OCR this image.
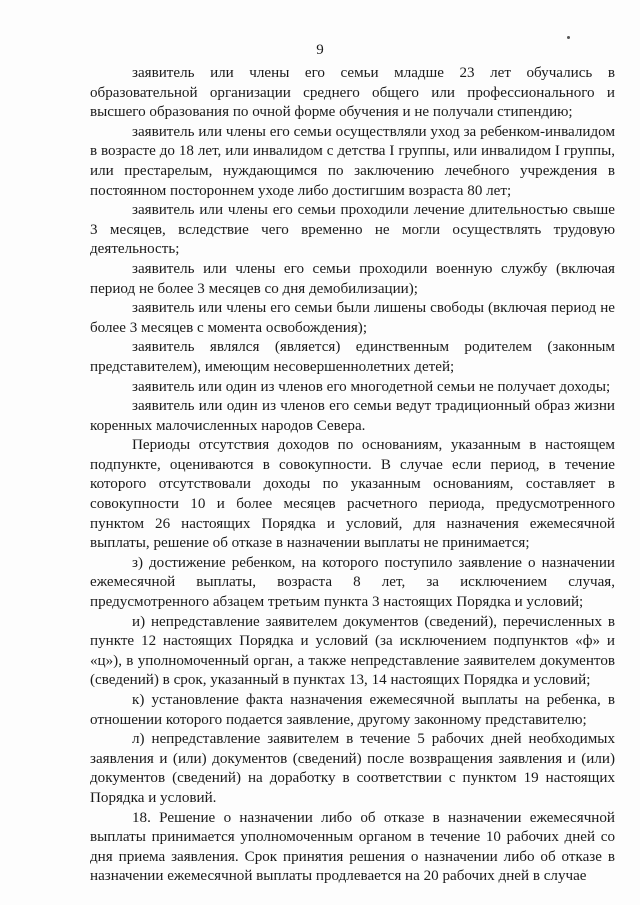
9

заявитель или члены его семьи младше 23 лет обучались в образовательной организации среднего общего или профессионального и высшего образования по очной форме обучения и не получали стипендию;

заявитель или члены его семьи осуществляли уход за ребенком-инвалидом в возрасте до 18 лет, или инвалидом с детства I группы, или инвалидом I группы, или престарелым, нуждающимся по заключению лечебного учреждения в постоянном постороннем уходе либо достигшим возраста 80 лет;

заявитель или члены его семьи проходили лечение длительностью свыше 3 месяцев, вследствие чего временно не могли осуществлять трудовую деятельность;

заявитель или члены его семьи проходили военную службу (включая период не более 3 месяцев со дня демобилизации);

заявитель или члены его семьи были лишены свободы (включая период не более 3 месяцев с момента освобождения);

заявитель являлся (является) единственным родителем (законным представителем), имеющим несовершеннолетних детей;

заявитель или один из членов его многодетной семьи не получает доходы;

заявитель или один из членов его семьи ведут традиционный образ жизни коренных малочисленных народов Севера.

Периоды отсутствия доходов по основаниям, указанным в настоящем подпункте, оцениваются в совокупности. В случае если период, в течение которого отсутствовали доходы по указанным основаниям, составляет в совокупности 10 и более месяцев расчетного периода, предусмотренного пунктом 26 настоящих Порядка и условий, для назначения ежемесячной выплаты, решение об отказе в назначении выплаты не принимается;

з) достижение ребенком, на которого поступило заявление о назначении ежемесячной выплаты, возраста 8 лет, за исключением случая, предусмотренного абзацем третьим пункта 3 настоящих Порядка и условий;

и) непредставление заявителем документов (сведений), перечисленных в пункте 12 настоящих Порядка и условий (за исключением подпунктов «ф» и «ц»), в уполномоченный орган, а также непредставление заявителем документов (сведений) в срок, указанный в пунктах 13, 14 настоящих Порядка и условий;

к) установление факта назначения ежемесячной выплаты на ребенка, в отношении которого подается заявление, другому законному представителю;

л) непредставление заявителем в течение 5 рабочих дней необходимых заявления и (или) документов (сведений) после возвращения заявления и (или) документов (сведений) на доработку в соответствии с пунктом 19 настоящих Порядка и условий.

18. Решение о назначении либо об отказе в назначении ежемесячной выплаты принимается уполномоченным органом в течение 10 рабочих дней со дня приема заявления. Срок принятия решения о назначении либо об отказе в назначении ежемесячной выплаты продлевается на 20 рабочих дней в случае
